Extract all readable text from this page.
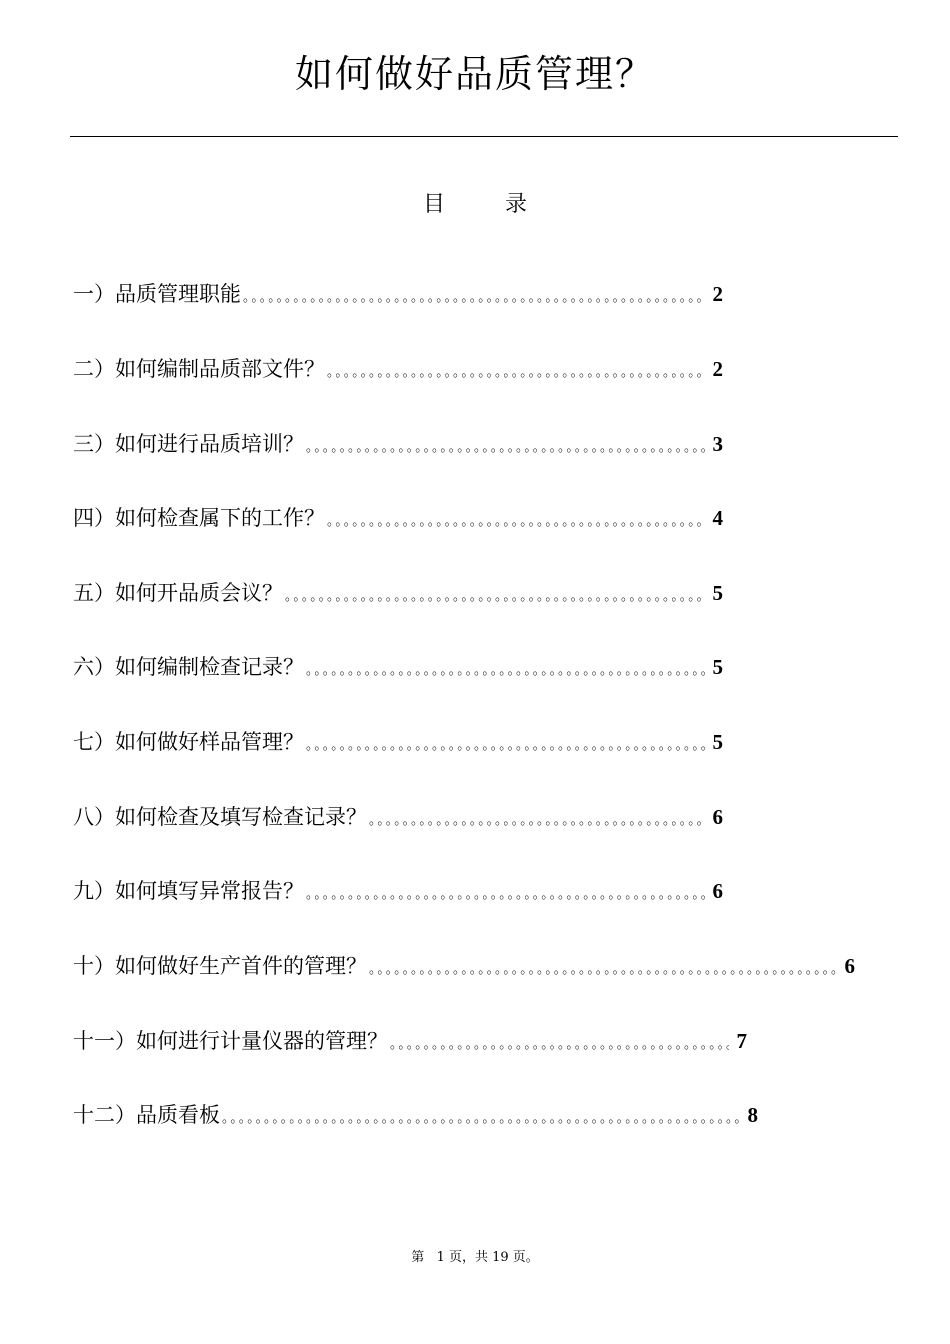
如何做好品质管理？
目	录
一）品质管理职能 。。。。。。。。。。。。。。。。。。。。。。。。。。。。。。。。。。。。。。。。。。。。。。。。。。。。。。。。。。。。。。。。。。。。。。。。。。。。。。	2
二）如何编制品质部文件？ 。。。。。。。。。。。。。。。。。。。。。。。。。。。。。。。。。。。。。。。。。。。。。。。。。。。。。。。。。。。。。。。。。。。。。。。。。。。。。。	2
三）如何进行品质培训？ 。。。。。。。。。。。。。。。。。。。。。。。。。。。。。。。。。。。。。。。。。。。。。。。。。。。。。。。。。。。。。。。。。。。。。。。。。。。。。。	3
四）如何检查属下的工作？ 。。。。。。。。。。。。。。。。。。。。。。。。。。。。。。。。。。。。。。。。。。。。。。。。。。。。。。。。。。。。。。。。。。。。。。。。。。。。。。	4
五）如何开品质会议？ 。。。。。。。。。。。。。。。。。。。。。。。。。。。。。。。。。。。。。。。。。。。。。。。。。。。。。。。。。。。。。。。。。。。。。。。。。。。。。。	5
六）如何编制检查记录？ 。。。。。。。。。。。。。。。。。。。。。。。。。。。。。。。。。。。。。。。。。。。。。。。。。。。。。。。。。。。。。。。。。。。。。。。。。。。。。。	5
七）如何做好样品管理？ 。。。。。。。。。。。。。。。。。。。。。。。。。。。。。。。。。。。。。。。。。。。。。。。。。。。。。。。。。。。。。。。。。。。。。。。。。。。。。。	5
八）如何检查及填写检查记录？ 。。。。。。。。。。。。。。。。。。。。。。。。。。。。。。。。。。。。。。。。。。。。。。。。。。。。。。。。。。。。。。。。。。。。。。。。。。。。。。	6
九）如何填写异常报告？ 。。。。。。。。。。。。。。。。。。。。。。。。。。。。。。。。。。。。。。。。。。。。。。。。。。。。。。。。。。。。。。。。。。。。。。。。。。。。。。	6
十）如何做好生产首件的管理？ 。。。。。。。。。。。。。。。。。。。。。。。。。。。。。。。。。。。。。。。。。。。。。。。。。。。。。。。。。。。。。。。。。。。。。。。。。。。。。。	6
十一）如何进行计量仪器的管理？ 。。。。。。。。。。。。。。。。。。。。。。。。。。。。。。。。。。。。。。。。。。。。。。。。。。。。。。。。。。。。。。。。。。。。。。。。。。。。。。	7
十二）品质看板 。。。。。。。。。。。。。。。。。。。。。。。。。。。。。。。。。。。。。。。。。。。。。。。。。。。。。。。。。。。。。。。。。。。。。。。。。。。。。。	8
第   1 页，共 19 页。
